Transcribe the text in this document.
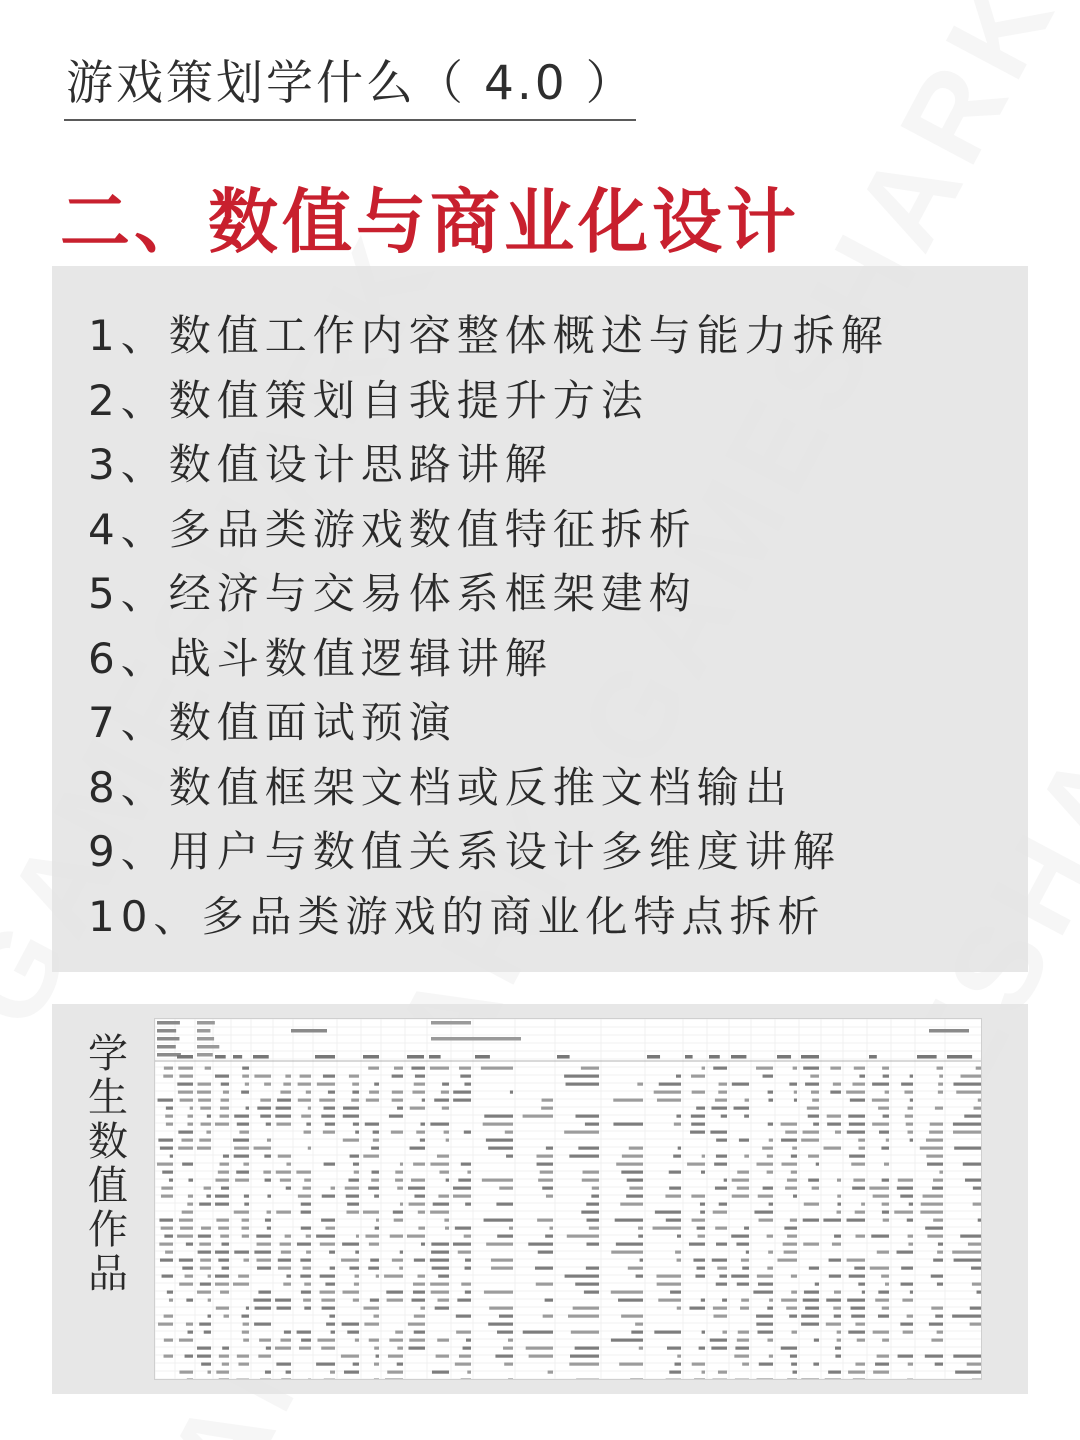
游戏策划学什么（ 4.0 ）
二、数值与商业化设计
1、数值工作内容整体概述与能力拆解
2、数值策划自我提升方法
3、数值设计思路讲解
4、多品类游戏数值特征拆析
5、经济与交易体系框架建构
6、战斗数值逻辑讲解
7、数值面试预演
8、数值框架文档或反推文档输出
9、用户与数值关系设计多维度讲解
10、多品类游戏的商业化特点拆析
学
生
数
值
作
品
